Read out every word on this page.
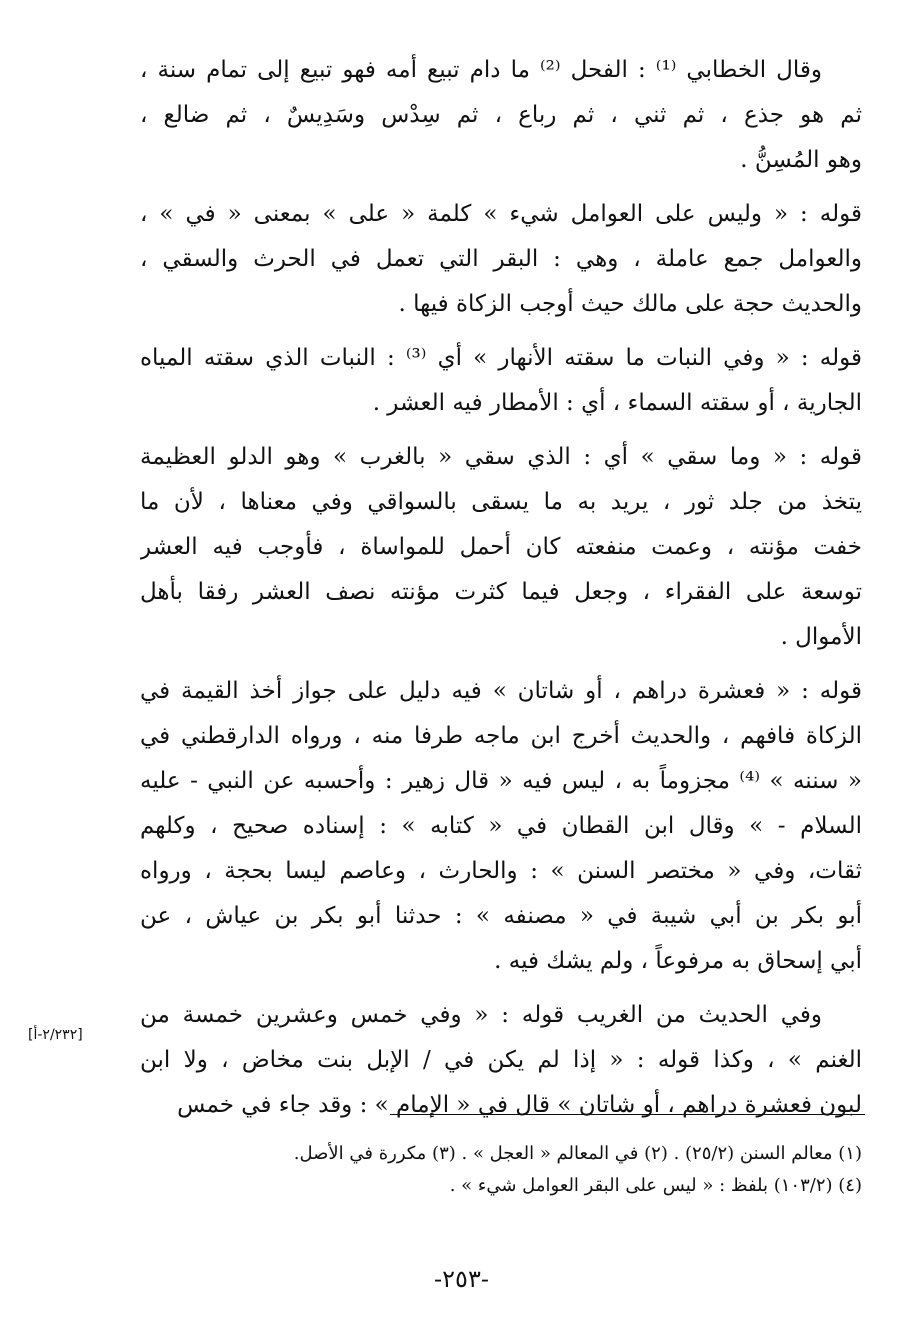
وقال الخطابي ⁽¹⁾ : الفحل ⁽²⁾ ما دام تبيع أمه فهو تبيع إلى تمام سنة ،
ثم هو جذع ، ثم ثني ، ثم رباع ، ثم سِدْس وسَدِيسٌ ، ثم ضالع ،
وهو المُسِنُّ .
قوله : « وليس على العوامل شيء » كلمة « على » بمعنى « في » ،
والعوامل جمع عاملة ، وهي : البقر التي تعمل في الحرث والسقي ،
والحديث حجة على مالك حيث أوجب الزكاة فيها .
قوله : « وفي النبات ما سقته الأنهار » أي ⁽³⁾ : النبات الذي سقته المياه
الجارية ، أو سقته السماء ، أي : الأمطار فيه العشر .
قوله : « وما سقي » أي : الذي سقي « بالغرب » وهو الدلو العظيمة
يتخذ من جلد ثور ، يريد به ما يسقى بالسواقي وفي معناها ، لأن ما
خفت مؤنته ، وعمت منفعته كان أحمل للمواساة ، فأوجب فيه العشر
توسعة على الفقراء ، وجعل فيما كثرت مؤنته نصف العشر رفقا بأهل
الأموال .
قوله : « فعشرة دراهم ، أو شاتان » فيه دليل على جواز أخذ القيمة في
الزكاة فافهم ، والحديث أخرج ابن ماجه طرفا منه ، ورواه الدارقطني في
« سننه » ⁽⁴⁾ مجزوماً به ، ليس فيه « قال زهير : وأحسبه عن النبي - عليه
السلام - » وقال ابن القطان في « كتابه » : إسناده صحيح ، وكلهم
ثقات، وفي « مختصر السنن » : والحارث ، وعاصم ليسا بحجة ، ورواه
أبو بكر بن أبي شيبة في « مصنفه » : حدثنا أبو بكر بن عياش ، عن
أبي إسحاق به مرفوعاً ، ولم يشك فيه .
وفي الحديث من الغريب قوله : « وفي خمس وعشرين خمسة من
الغنم » ، وكذا قوله : « إذا لم يكن في / الإبل بنت مخاض ، ولا ابن
لبون فعشرة دراهم ، أو شاتان » قال في « الإمام » : وقد جاء في خمس
[٢/٢٣٢-أ]
(١) معالم السنن (٢٥/٢) . (٢) في المعالم « العجل » . (٣) مكررة في الأصل.
(٤) (١٠٣/٢) بلفظ : « ليس على البقر العوامل شيء » .
-٢٥٣-
